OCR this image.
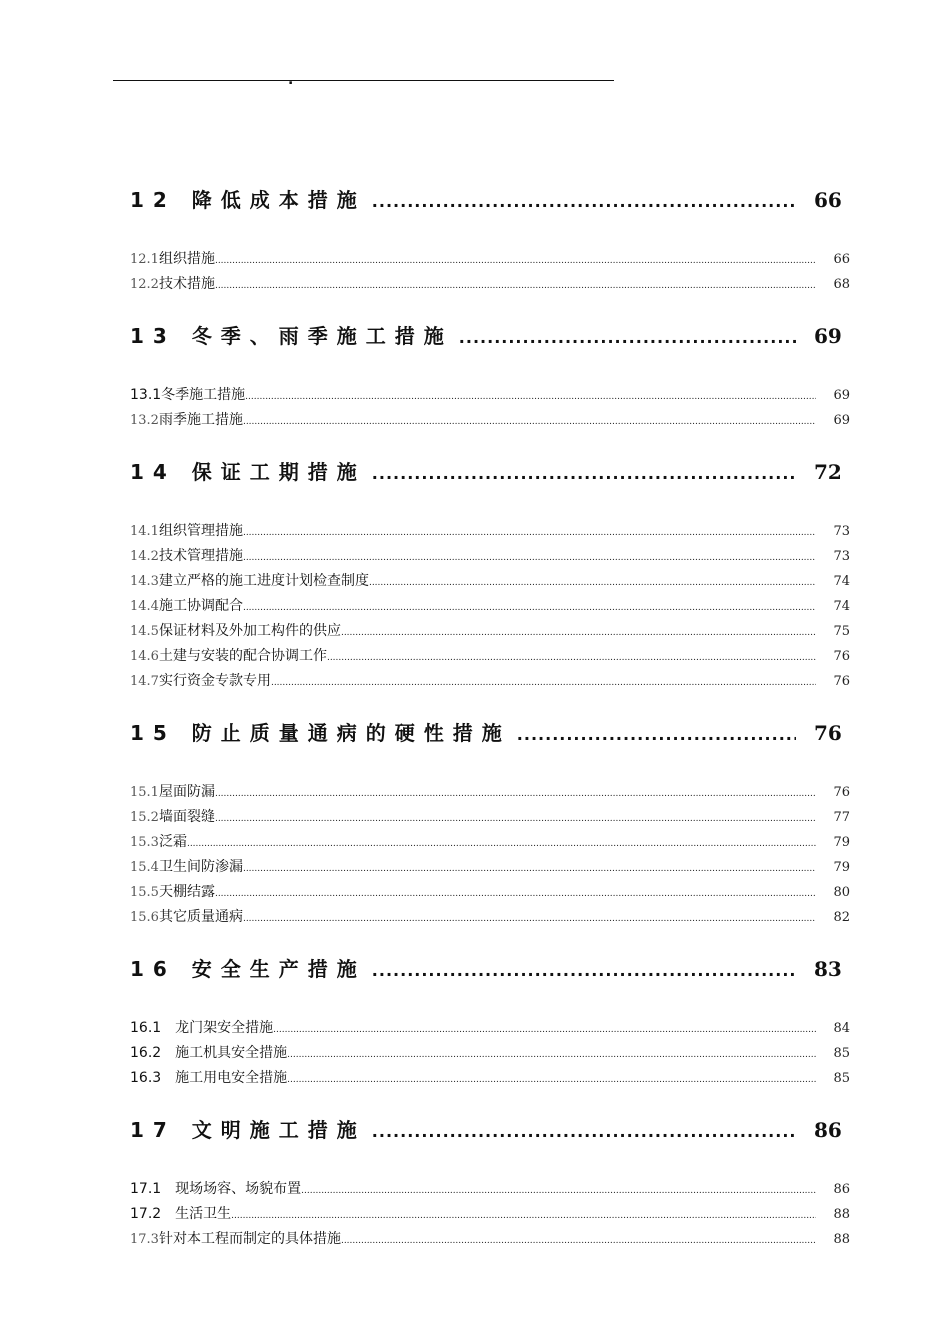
.
12 降低成本措施 .....	66
12.1组织措施 .....	66
12.2技术措施 .....	68
13 冬季、雨季施工措施 .....	69
13.1冬季施工措施 .....	69
13.2雨季施工措施 .....	69
14 保证工期措施 .....	72
14.1组织管理措施 .....	73
14.2技术管理措施 .....	73
14.3建立严格的施工进度计划检查制度 .....	74
14.4施工协调配合 .....	74
14.5保证材料及外加工构件的供应 .....	75
14.6土建与安装的配合协调工作 .....	76
14.7实行资金专款专用 .....	76
15 防止质量通病的硬性措施 .....	76
15.1屋面防漏 .....	76
15.2墙面裂缝 .....	77
15.3泛霜 .....	79
15.4卫生间防渗漏 .....	79
15.5天棚结露 .....	80
15.6其它质量通病 .....	82
16 安全生产措施 .....	83
16.1 龙门架安全措施 .....	84
16.2 施工机具安全措施 .....	85
16.3 施工用电安全措施 .....	85
17 文明施工措施 .....	86
17.1 现场场容、场貌布置 .....	86
17.2 生活卫生 .....	88
17.3针对本工程而制定的具体措施 .....	88
